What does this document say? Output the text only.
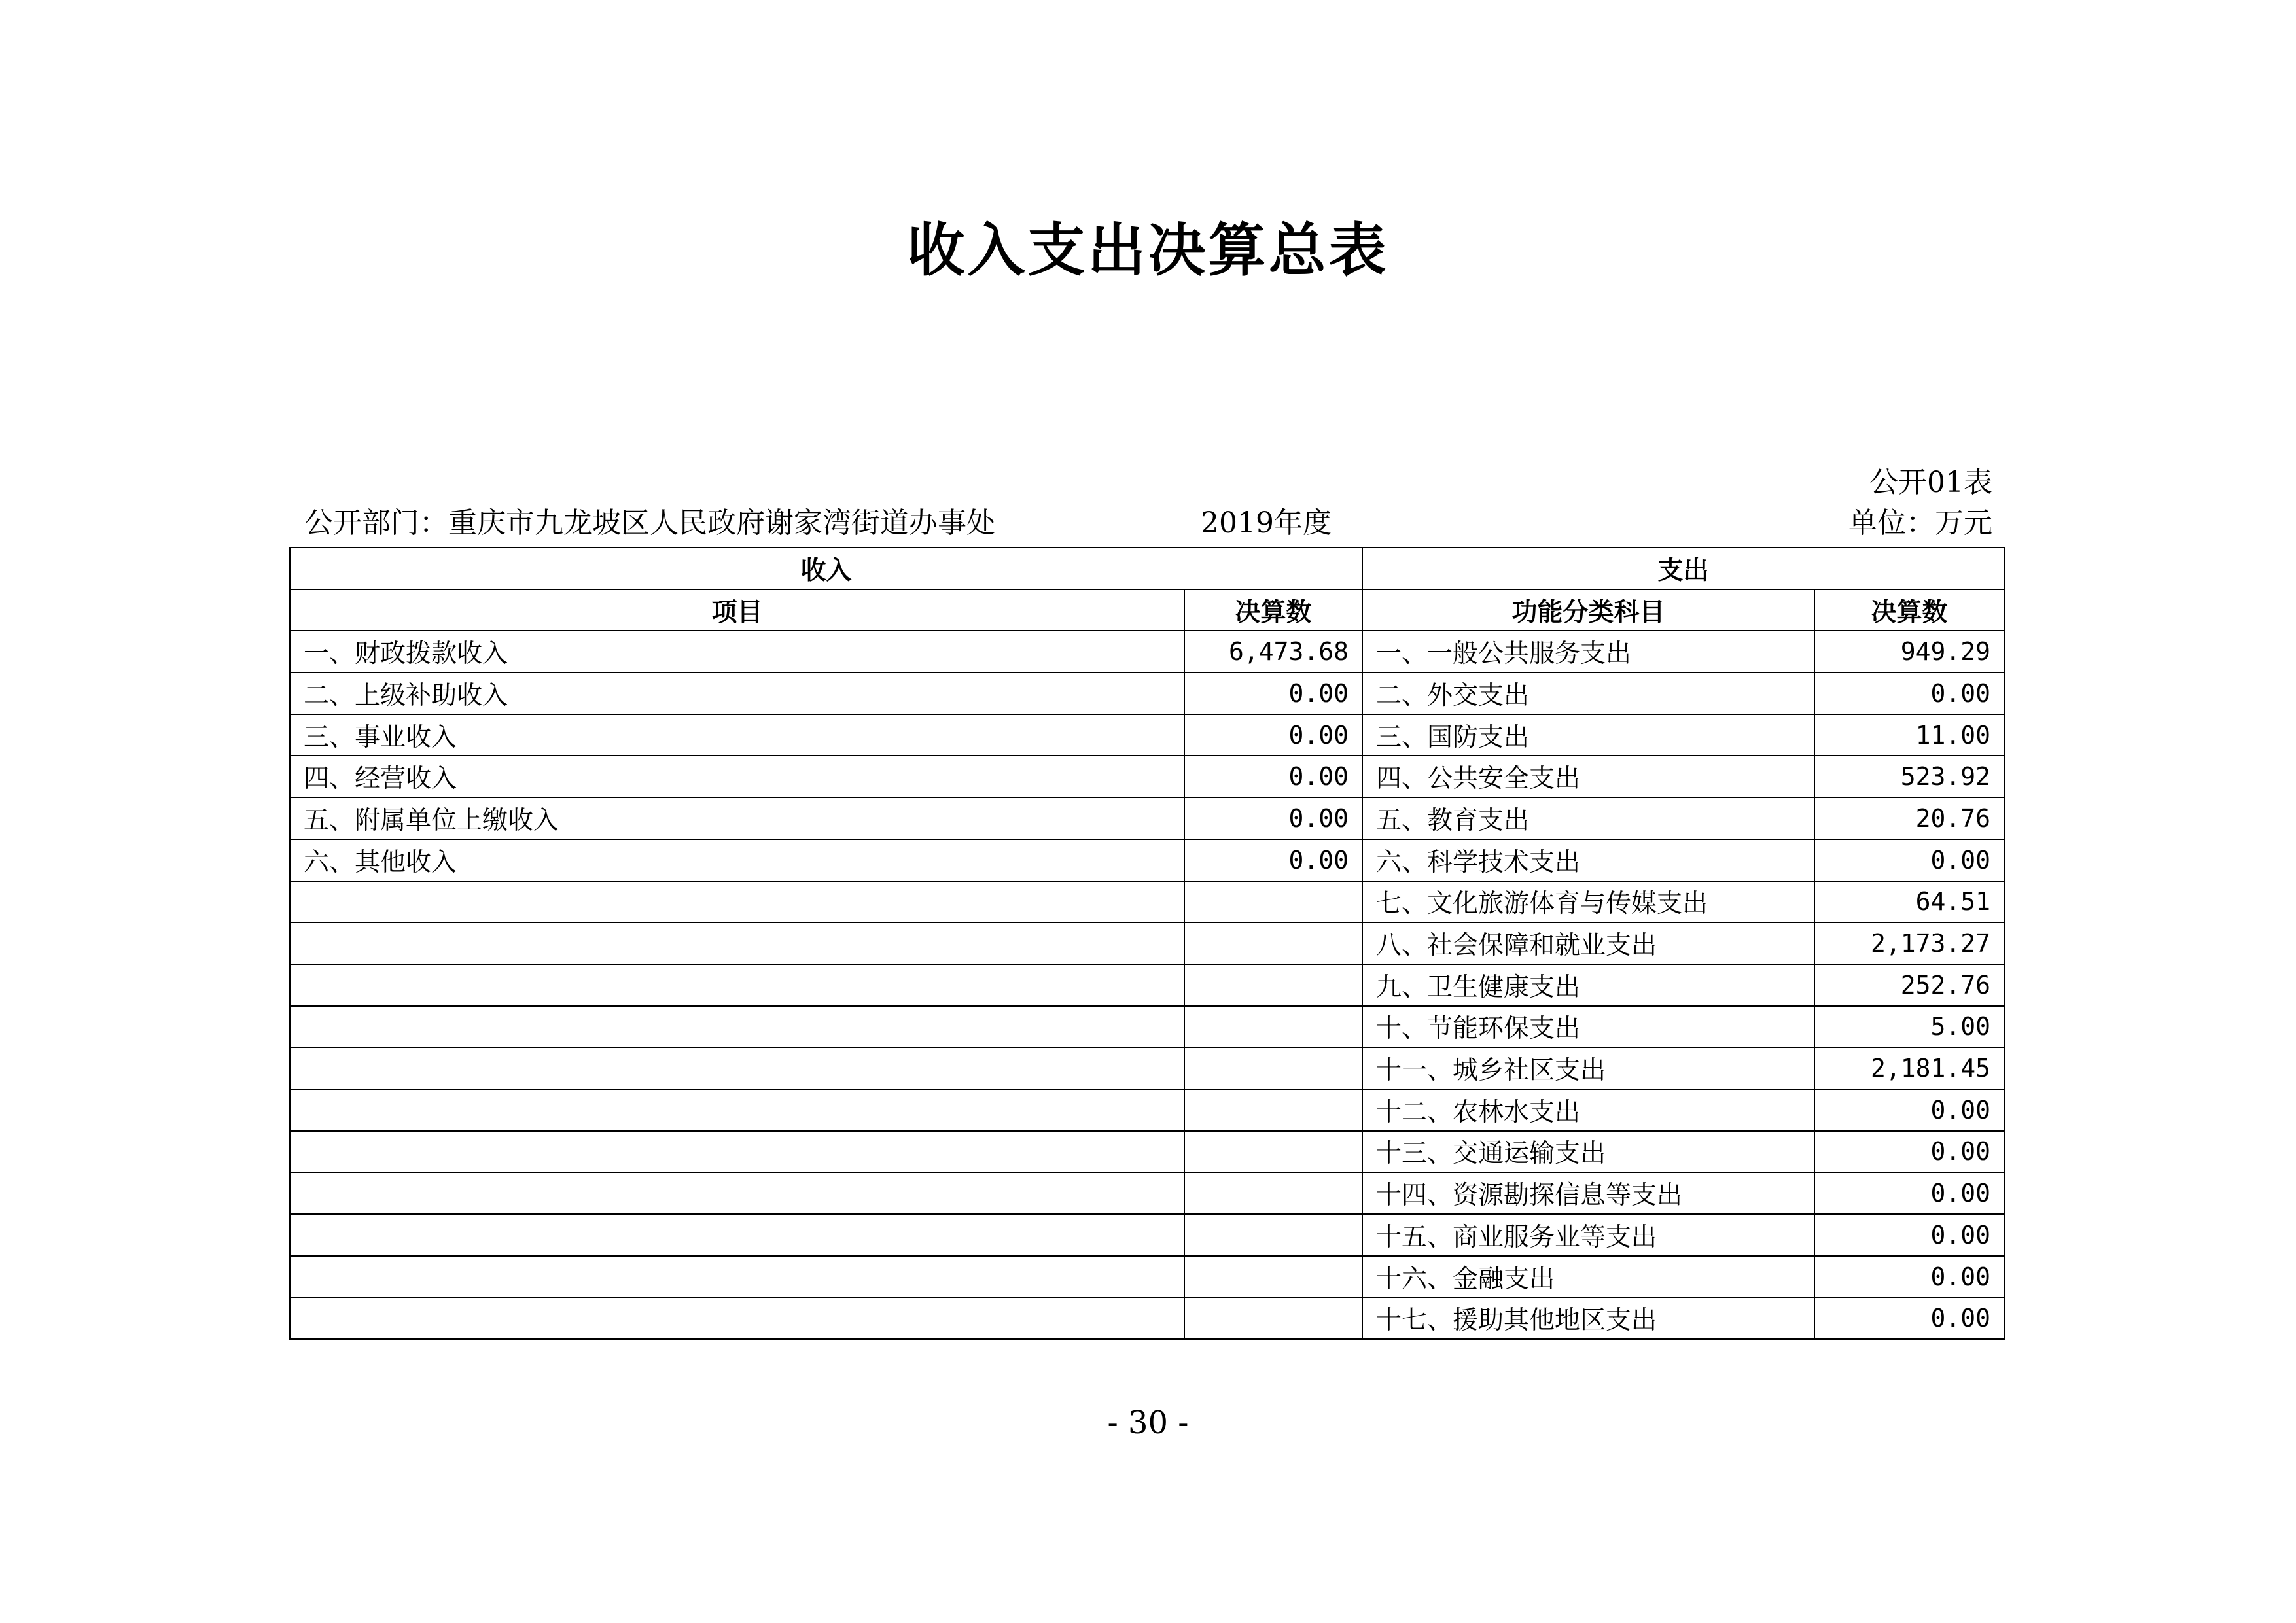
收入支出决算总表
公开01表
公开部门：重庆市九龙坡区人民政府谢家湾街道办事处	2019年度	单位：万元
收入		支出	
项目	决算数	功能分类科目	决算数
一、财政拨款收入	6,473.68	一、一般公共服务支出	949.29
二、上级补助收入	0.00	二、外交支出	0.00
三、事业收入	0.00	三、国防支出	11.00
四、经营收入	0.00	四、公共安全支出	523.92
五、附属单位上缴收入	0.00	五、教育支出	20.76
六、其他收入	0.00	六、科学技术支出	0.00
		七、文化旅游体育与传媒支出	64.51
		八、社会保障和就业支出	2,173.27
		九、卫生健康支出	252.76
		十、节能环保支出	5.00
		十一、城乡社区支出	2,181.45
		十二、农林水支出	0.00
		十三、交通运输支出	0.00
		十四、资源勘探信息等支出	0.00
		十五、商业服务业等支出	0.00
		十六、金融支出	0.00
		十七、援助其他地区支出	0.00
- 30 -
